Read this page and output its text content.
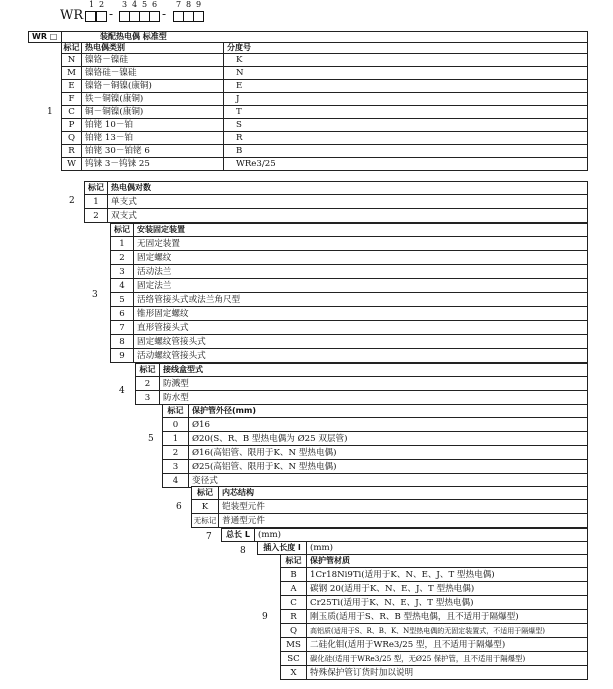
WR
1 2 3 4 5 6 7 8 9
-	-
WR □	装配热电偶 标准型
1
标记 热电偶类别	分度号
N	镍铬－镍硅	K
M	镍铬硅－镍硅	N
E	镍铬－铜镍(康铜)	E
F	铁－铜镍(康铜)	J
C	铜－铜镍(康铜)	T
P	铂铑 10－铂	S
Q	铂铑 13－铂	R
R	铂铑 30－铂铑 6	B
W	钨铼 3－钨铼 25	WRe3/25
2
标记 热电偶对数
1	单支式
2	双支式
3
标记 安装固定装置
1	无固定装置
2	固定螺纹
3	活动法兰
4	固定法兰
5	活络管接头式或法兰角尺型
6	锥形固定螺纹
7	直形管接头式
8	固定螺纹管接头式
9	活动螺纹管接头式
4
标记 接线盒型式
2	防溅型
3	防水型
5
标记	保护管外径(mm)
0	Ø16
1	Ø20(S、R、B 型热电偶为 Ø25 双层管)
2	Ø16(高铝管、限用于K、N 型热电偶)
3	Ø25(高铝管、限用于K、N 型热电偶)
4	变径式
6
标记	内芯结构
K	铠装型元件
无标记 普通型元件
7	总长 L (mm)
8	插入长度 l	(mm)
9
标记	保护管材质
B	1Cr18Ni9Ti(适用于K、N、E、J、T 型热电偶)
A	碳钢 20(适用于K、N、E、J、T 型热电偶)
C	Cr25Ti(适用于K、N、E、J、T 型热电偶)
R	刚玉质(适用于S、R、B 型热电偶，且不适用于隔爆型)
Q	高铝质(适用于S、R、B、K、N型热电偶的无固定装置式，不适用于隔爆型)
MS	二硅化钼(适用于WRe3/25 型，且不适用于隔爆型)
SC	碳化硅(适用于WRe3/25 型，无Ø25 保护管，且不适用于隔爆型)
X	特殊保护管订货时加以说明
